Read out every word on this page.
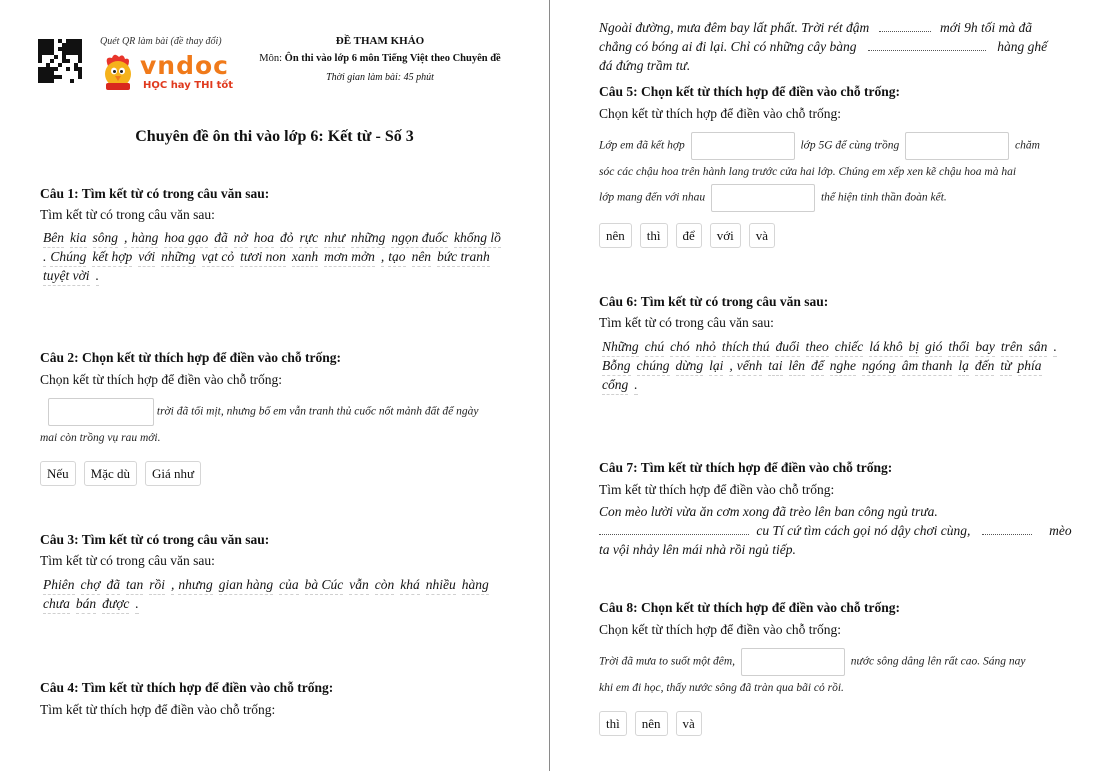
Quét QR làm bài (đề thay đổi)
vndoc
HỌC hay THI tốt
ĐỀ THAM KHẢO
Môn: Ôn thi vào lớp 6 môn Tiếng Việt theo Chuyên đề
Thời gian làm bài: 45 phút
Chuyên đề ôn thi vào lớp 6: Kết từ - Số 3
Câu 1: Tìm kết từ có trong câu văn sau:
Tìm kết từ có trong câu văn sau:
Bên kia sông , hàng hoa gạo đã nở hoa đỏ rực như những ngọn đuốc khổng lồ. Chúng kết hợp với những vạt cỏ tươi non xanh mơn mởn , tạo nên bức tranhtuyệt vời .
Câu 2: Chọn kết từ thích hợp để điền vào chỗ trống:
Chọn kết từ thích hợp để điền vào chỗ trống:
trời đã tối mịt, nhưng bố em vẫn tranh thủ cuốc nốt mảnh đất để ngày
mai còn trồng vụ rau mới.
Nếu	Mặc dù	Giá như
Câu 3: Tìm kết từ có trong câu văn sau:
Tìm kết từ có trong câu văn sau:
Phiên chợ đã tan rồi , nhưng gian hàng của bà Cúc vẫn còn khá nhiều hàngchưa bán được .
Câu 4: Tìm kết từ thích hợp để điền vào chỗ trống:
Tìm kết từ thích hợp để điền vào chỗ trống:
Ngoài đường, mưa đêm bay lất phất. Trời rét đậm	mới 9h tối mà đã
chẳng có bóng ai đi lại. Chỉ có những cây bàng	hàng ghế
đá đứng trầm tư.
Câu 5: Chọn kết từ thích hợp để điền vào chỗ trống:
Chọn kết từ thích hợp để điền vào chỗ trống:
Lớp em đã kết hợp	lớp 5G để cùng trồng	chăm
sóc các chậu hoa trên hành lang trước cửa hai lớp. Chúng em xếp xen kẽ chậu hoa mà hai
lớp mang đến với nhau	thể hiện tinh thần đoàn kết.
nên	thì	để	với	và
Câu 6: Tìm kết từ có trong câu văn sau:
Tìm kết từ có trong câu văn sau:
Những chú chó nhỏ thích thú đuổi theo chiếc lá khô bị gió thổi bay trên sân .Bỗng chúng dừng lại , vểnh tai lên để nghe ngóng âm thanh lạ đến từ phíacổng .
Câu 7: Tìm kết từ thích hợp để điền vào chỗ trống:
Tìm kết từ thích hợp để điền vào chỗ trống:
Con mèo lười vừa ăn cơm xong đã trèo lên ban công ngủ trưa.
cu Tí cứ tìm cách gọi nó dậy chơi cùng,	mèo
ta vội nhảy lên mái nhà rồi ngủ tiếp.
Câu 8: Chọn kết từ thích hợp để điền vào chỗ trống:
Chọn kết từ thích hợp để điền vào chỗ trống:
Trời đã mưa to suốt một đêm,	nước sông dâng lên rất cao. Sáng nay
khi em đi học, thấy nước sông đã tràn qua bãi cỏ rồi.
thì	nên	và
